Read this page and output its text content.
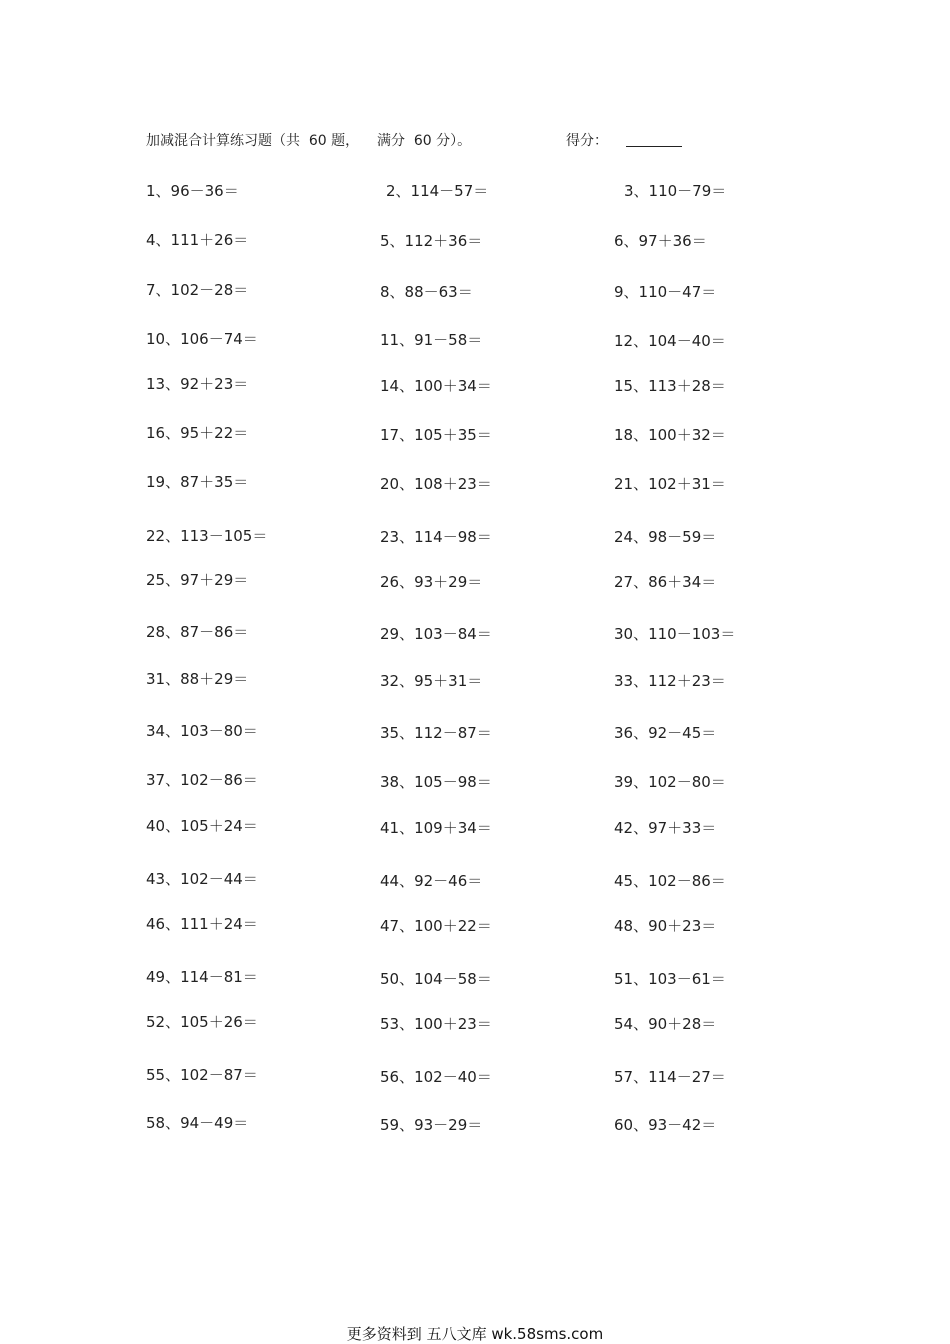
加减混合计算练习题（共  60 题，    满分  60 分）。	得分：
1、96－36＝	2、114－57＝	3、110－79＝
4、111＋26＝	5、112＋36＝	6、97＋36＝
7、102－28＝	8、88－63＝	9、110－47＝
10、106－74＝	11、91－58＝	12、104－40＝
13、92＋23＝	14、100＋34＝	15、113＋28＝
16、95＋22＝	17、105＋35＝	18、100＋32＝
19、87＋35＝	20、108＋23＝	21、102＋31＝
22、113－105＝	23、114－98＝	24、98－59＝
25、97＋29＝	26、93＋29＝	27、86＋34＝
28、87－86＝	29、103－84＝	30、110－103＝
31、88＋29＝	32、95＋31＝	33、112＋23＝
34、103－80＝	35、112－87＝	36、92－45＝
37、102－86＝	38、105－98＝	39、102－80＝
40、105＋24＝	41、109＋34＝	42、97＋33＝
43、102－44＝	44、92－46＝	45、102－86＝
46、111＋24＝	47、100＋22＝	48、90＋23＝
49、114－81＝	50、104－58＝	51、103－61＝
52、105＋26＝	53、100＋23＝	54、90＋28＝
55、102－87＝	56、102－40＝	57、114－27＝
58、94－49＝	59、93－29＝	60、93－42＝
更多资料到 五八文库 wk.58sms.com
